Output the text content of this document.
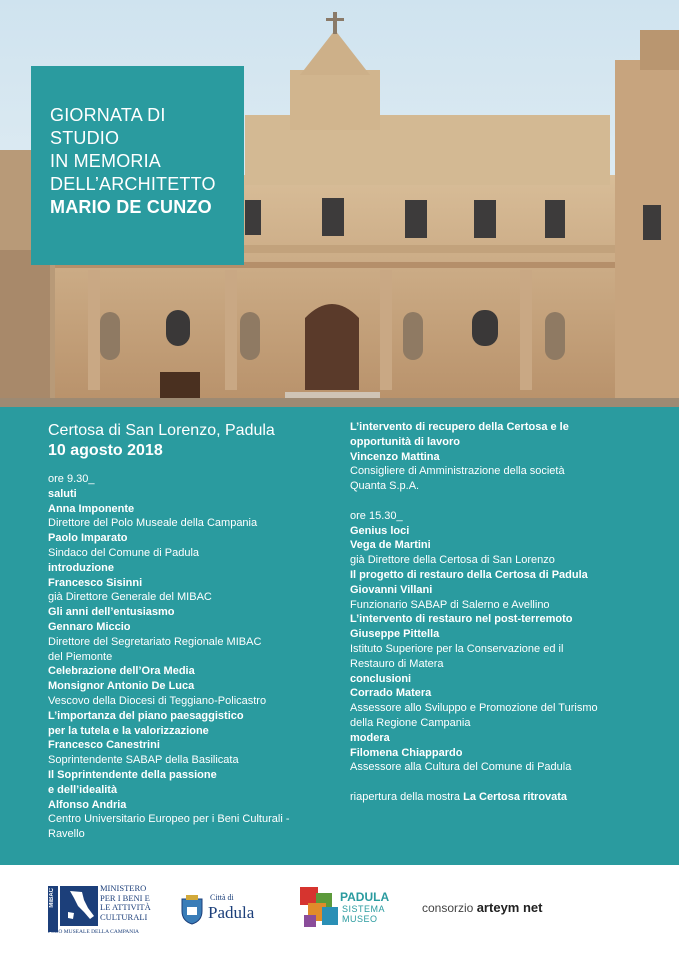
GIORNATA DI
STUDIO
IN MEMORIA
DELL’ARCHITETTO
MARIO DE CUNZO
Certosa di San Lorenzo, Padula
10 agosto 2018
ore 9.30_
saluti
Anna Imponente
Direttore del Polo Museale della Campania
Paolo Imparato
Sindaco del Comune di Padula
introduzione
Francesco Sisinni
già Direttore Generale del MIBAC
Gli anni dell’entusiasmo
Gennaro Miccio
Direttore del Segretariato Regionale MIBAC
del Piemonte
Celebrazione dell’Ora Media
Monsignor Antonio De Luca
Vescovo della Diocesi di Teggiano-Policastro
L’importanza del piano paesaggistico
per la tutela e la valorizzazione
Francesco Canestrini
Soprintendente SABAP della Basilicata
Il Soprintendente della passione
e dell’idealità
Alfonso Andria
Centro Universitario Europeo per i Beni Culturali -
Ravello
L’intervento di recupero della Certosa e le
opportunità di lavoro
Vincenzo Mattina
Consigliere di Amministrazione della società
Quanta S.p.A.
ore 15.30_
Genius loci
Vega de Martini
già Direttore della Certosa di San Lorenzo
Il progetto di restauro della Certosa di Padula
Giovanni Villani
Funzionario SABAP di Salerno e Avellino
L’intervento di restauro nel post-terremoto
Giuseppe Pittella
Istituto Superiore per la Conservazione ed il
Restauro di Matera
conclusioni
Corrado Matera
Assessore allo Sviluppo e Promozione del Turismo
della Regione Campania
modera
Filomena Chiappardo
Assessore alla Cultura del Comune di Padula
riapertura della mostra La Certosa ritrovata
MiBAC	MINISTERO
PER I BENI E
LE ATTIVITÀ
CULTURALI
POLO MUSEALE DELLA CAMPANIA
Città di
Padula
PADULA
SISTEMA
MUSEO
consorzio arteym net
